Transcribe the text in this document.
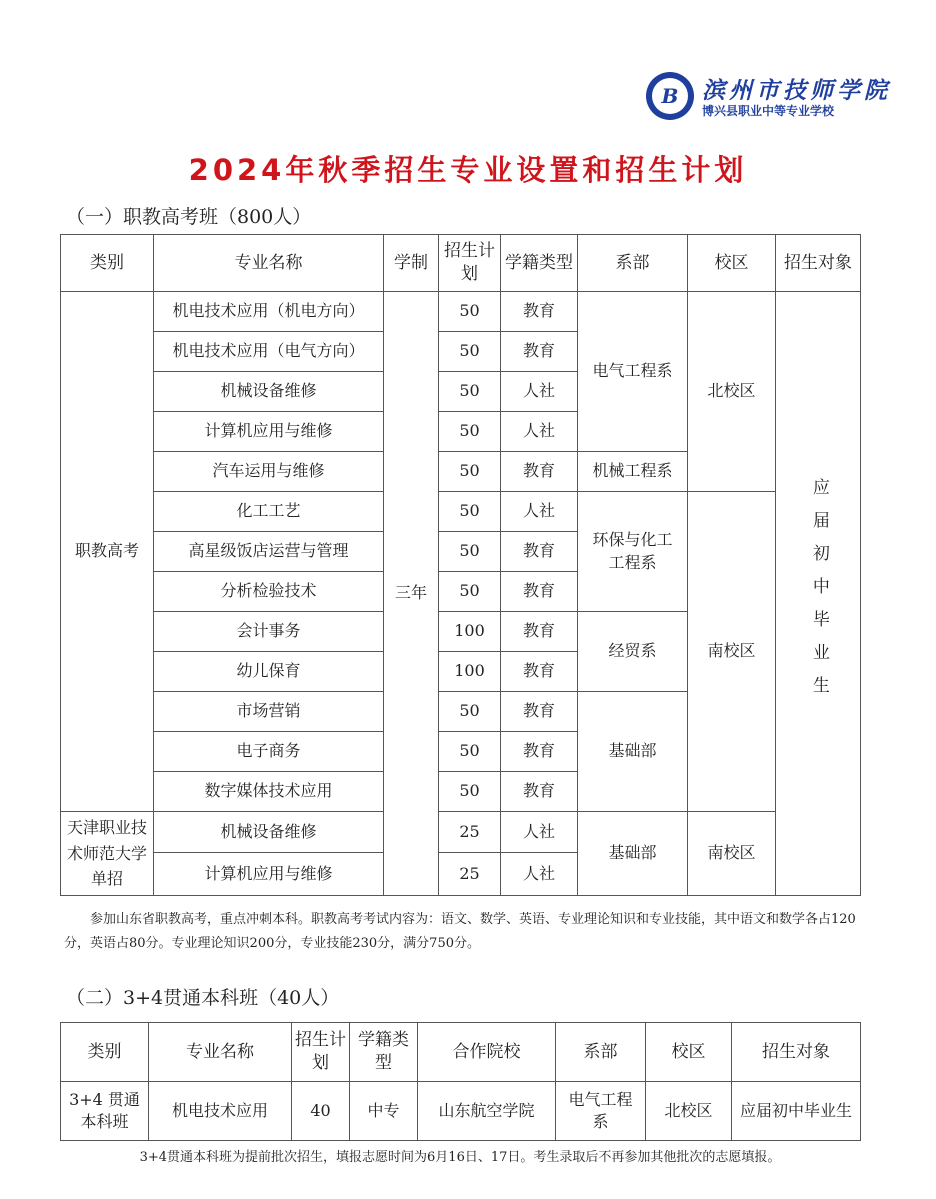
B	滨州市技师学院
博兴县职业中等专业学校
2024年秋季招生专业设置和招生计划
（一）职教高考班（800人）
类别	专业名称	学制	招生计划	学籍类型	系部	校区	招生对象
职教高考	机电技术应用（机电方向）	三年	50	教育	电气工程系	北校区	应届初中毕业生

	机电技术应用（电气方向）		50	教育			
	机械设备维修		50	人社			
	计算机应用与维修		50	人社			
	汽车运用与维修		50	教育	机械工程系		
	化工工艺		50	人社	环保与化工工程系	南校区	
	高星级饭店运营与管理		50	教育			
	分析检验技术		50	教育			
	会计事务		100	教育	经贸系		
	幼儿保育		100	教育			
	市场营销		50	教育	基础部		
	电子商务		50	教育			
	数字媒体技术应用		50	教育			

天津职业技术师范大学单招	机械设备维修		25	人社	基础部	南校区	
	计算机应用与维修		25	人社			
参加山东省职教高考，重点冲刺本科。职教高考考试内容为：语文、数学、英语、专业理论知识和专业技能，其中语文和数学各占120分，英语占80分。专业理论知识200分，专业技能230分，满分750分。
（二）3+4贯通本科班（40人）
类别	专业名称	招生计划	学籍类型	合作院校	系部	校区	招生对象

3+4 贯通本科班	机电技术应用	40	中专	山东航空学院	电气工程系	北校区	应届初中毕业生
3+4贯通本科班为提前批次招生，填报志愿时间为6月16日、17日。考生录取后不再参加其他批次的志愿填报。
